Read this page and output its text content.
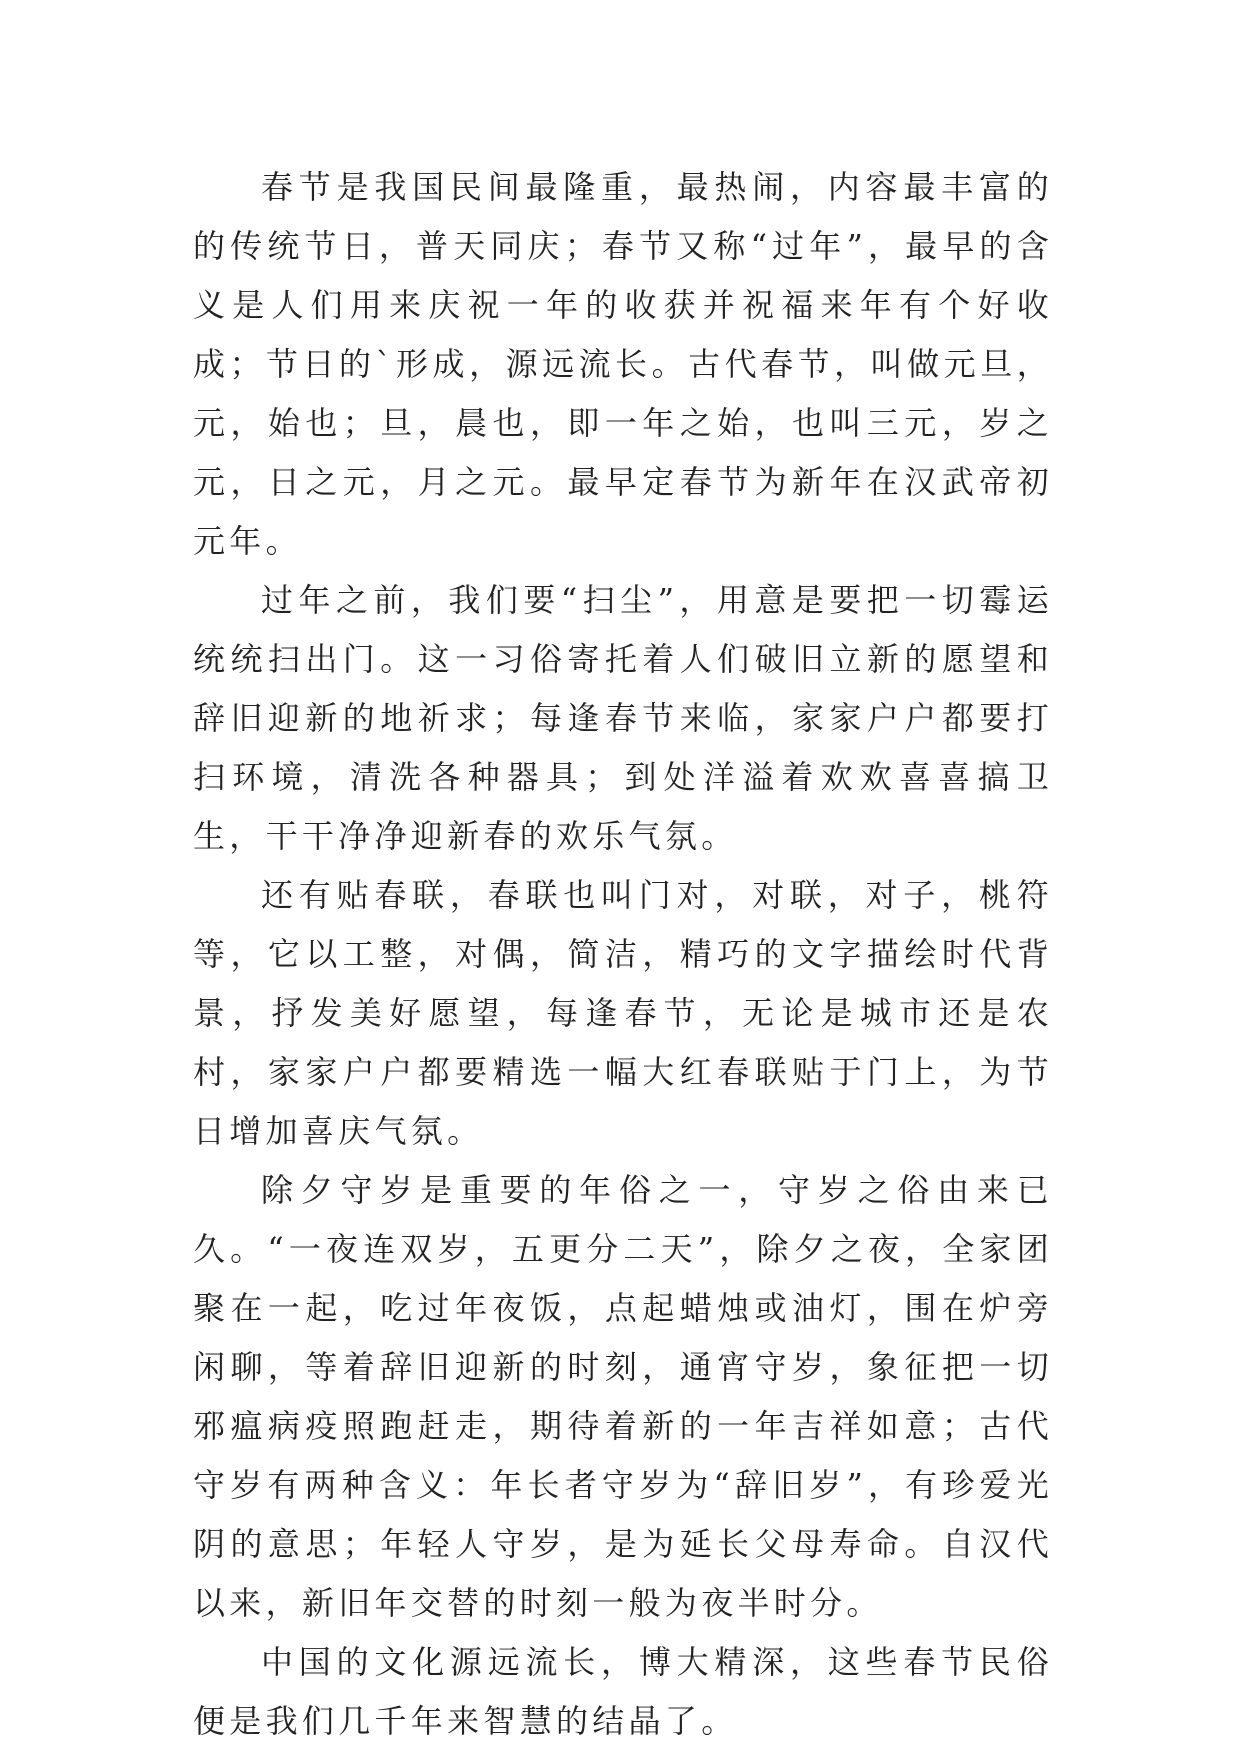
春节是我国民间最隆重，最热闹，内容最丰富的的传统节日，普天同庆；春节又称“过年”，最早的含义是人们用来庆祝一年的收获并祝福来年有个好收成；节日的`形成，源远流长。古代春节，叫做元旦，元，始也；旦，晨也，即一年之始，也叫三元，岁之元，日之元，月之元。最早定春节为新年在汉武帝初元年。

过年之前，我们要“扫尘”，用意是要把一切霉运统统扫出门。这一习俗寄托着人们破旧立新的愿望和辞旧迎新的地祈求；每逢春节来临，家家户户都要打扫环境，清洗各种器具；到处洋溢着欢欢喜喜搞卫生，干干净净迎新春的欢乐气氛。

还有贴春联，春联也叫门对，对联，对子，桃符等，它以工整，对偶，简洁，精巧的文字描绘时代背景，抒发美好愿望，每逢春节，无论是城市还是农村，家家户户都要精选一幅大红春联贴于门上，为节日增加喜庆气氛。

除夕守岁是重要的年俗之一，守岁之俗由来已久。“一夜连双岁，五更分二天”，除夕之夜，全家团聚在一起，吃过年夜饭，点起蜡烛或油灯，围在炉旁闲聊，等着辞旧迎新的时刻，通宵守岁，象征把一切邪瘟病疫照跑赶走，期待着新的一年吉祥如意；古代守岁有两种含义：年长者守岁为“辞旧岁”，有珍爱光阴的意思；年轻人守岁，是为延长父母寿命。自汉代以来，新旧年交替的时刻一般为夜半时分。

中国的文化源远流长，博大精深，这些春节民俗便是我们几千年来智慧的结晶了。
